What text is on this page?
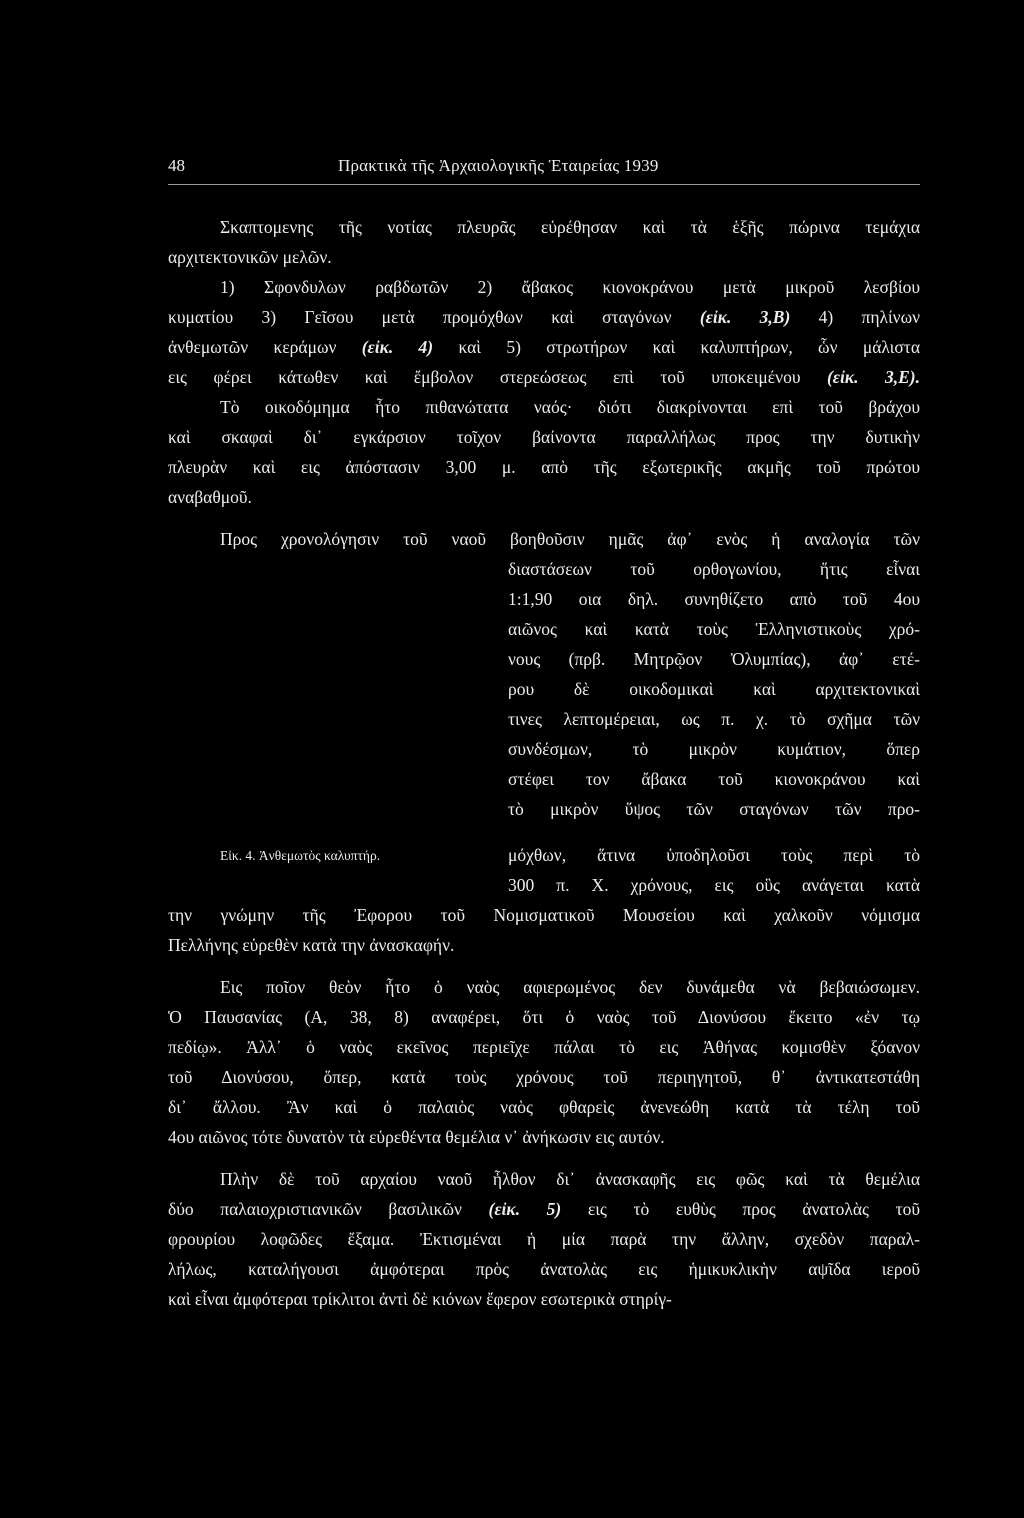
48	Πρακτικὰ τῆς Ἀρχαιολογικῆς Ἑταιρείας 1939
Σκαπτομενης τῆς νοτίας πλευρᾶς εὑρέθησαν καὶ τὰ ἑξῆς πώρινα τεμάχια
αρχιτεκτονικῶν μελῶν.
1) Σφονδυλων ραβδωτῶν 2) ἄβακος κιονοκράνου μετὰ μικροῦ λεσβίου
κυματίου 3) Γεῖσου μετὰ προμόχθων καὶ σταγόνων (εἰκ. 3,Β) 4) πηλίνων
ἀνθεμωτῶν κεράμων (εἰκ. 4) καὶ 5) στρωτήρων καὶ καλυπτήρων, ὧν μάλιστα
εις φέρει κάτωθεν καὶ ἔμβολον στερεώσεως επὶ τοῦ υποκειμένου (εἰκ. 3,Ε).
Τὸ οικοδόμημα ἦτο πιθανώτατα ναός· διότι διακρίνονται επὶ τοῦ βράχου
καὶ σκαφαὶ δι᾽ εγκάρσιον τοῖχον βαίνοντα παραλλήλως προς την δυτικὴν
πλευρὰν καὶ εις ἀπόστασιν 3,00 μ. απὸ τῆς εξωτερικῆς ακμῆς τοῦ πρώτου
αναβαθμοῦ.
Προς χρονολόγησιν τοῦ ναοῦ βοηθοῦσιν ημᾶς ἀφ᾽ ενὸς ἡ αναλογία τῶν
διαστάσεων τοῦ ορθογωνίου, ἥτις εἶναι
1:1,90 οια δηλ. συνηθίζετο απὸ τοῦ 4ου
αιῶνος καὶ κατὰ τοὺς Ἑλληνιστικοὺς χρό-
νους (πρβ. Μητρῷον Ὀλυμπίας), ἀφ᾽ ετέ-
ρου δὲ οικοδομικαὶ καὶ αρχιτεκτονικαὶ
τινες λεπτομέρειαι, ως π. χ. τὸ σχῆμα τῶν
συνδέσμων, τὸ μικρὸν κυμάτιον, ὅπερ
στέφει τον ἄβακα τοῦ κιονοκράνου καὶ
τὸ μικρὸν ὕψος τῶν σταγόνων τῶν προ-
Εἰκ. 4. Ἀνθεμωτὸς καλυπτήρ.	μόχθων, ἅτινα ὑποδηλοῦσι τοὺς περὶ τὸ
300 π. Χ. χρόνους, εις οὓς ανάγεται κατὰ
την γνώμην τῆς Ἐφορου τοῦ Νομισματικοῦ Μουσείου καὶ χαλκοῦν νόμισμα
Πελλήνης εὑρεθὲν κατὰ την ἀνασκαφήν.
Εις ποῖον θεὸν ἦτο ὁ ναὸς αφιερωμένος δεν δυνάμεθα νὰ βεβαιώσωμεν.
Ὁ Παυσανίας (Α, 38, 8) αναφέρει, ὅτι ὁ ναὸς τοῦ Διονύσου ἔκειτο «ἐν τῳ
πεδίῳ». Ἀλλ᾽ ὁ ναὸς εκεῖνος περιεῖχε πάλαι τὸ εις Ἀθήνας κομισθὲν ξόανον
τοῦ Διονύσου, ὅπερ, κατὰ τοὺς χρόνους τοῦ περιηγητοῦ, θ᾽ ἀντικατεστάθη
δι᾽ ἄλλου. Ἂν καὶ ὁ παλαιὸς ναὸς φθαρεὶς ἀνενεώθη κατὰ τὰ τέλη τοῦ
4ου αιῶνος τότε δυνατὸν τὰ εὑρεθέντα θεμέλια ν᾽ ἀνήκωσιν εις αυτόν.
Πλὴν δὲ τοῦ αρχαίου ναοῦ ἦλθον δι᾽ ἀνασκαφῆς εις φῶς καὶ τὰ θεμέλια
δύο παλαιοχριστιανικῶν βασιλικῶν (εἰκ. 5) εις τὸ ευθὺς προς ἀνατολὰς τοῦ
φρουρίου λοφῶδες ἔξαμα. Ἐκτισμέναι ἡ μία παρὰ την ἄλλην, σχεδὸν παραλ-
λήλως, καταλήγουσι ἀμφότεραι πρὸς ἀνατολὰς εις ἡμικυκλικὴν αψῖδα ιεροῦ
καὶ εἶναι ἀμφότεραι τρίκλιτοι ἀντὶ δὲ κιόνων ἔφερον εσωτερικὰ στηρίγ-
